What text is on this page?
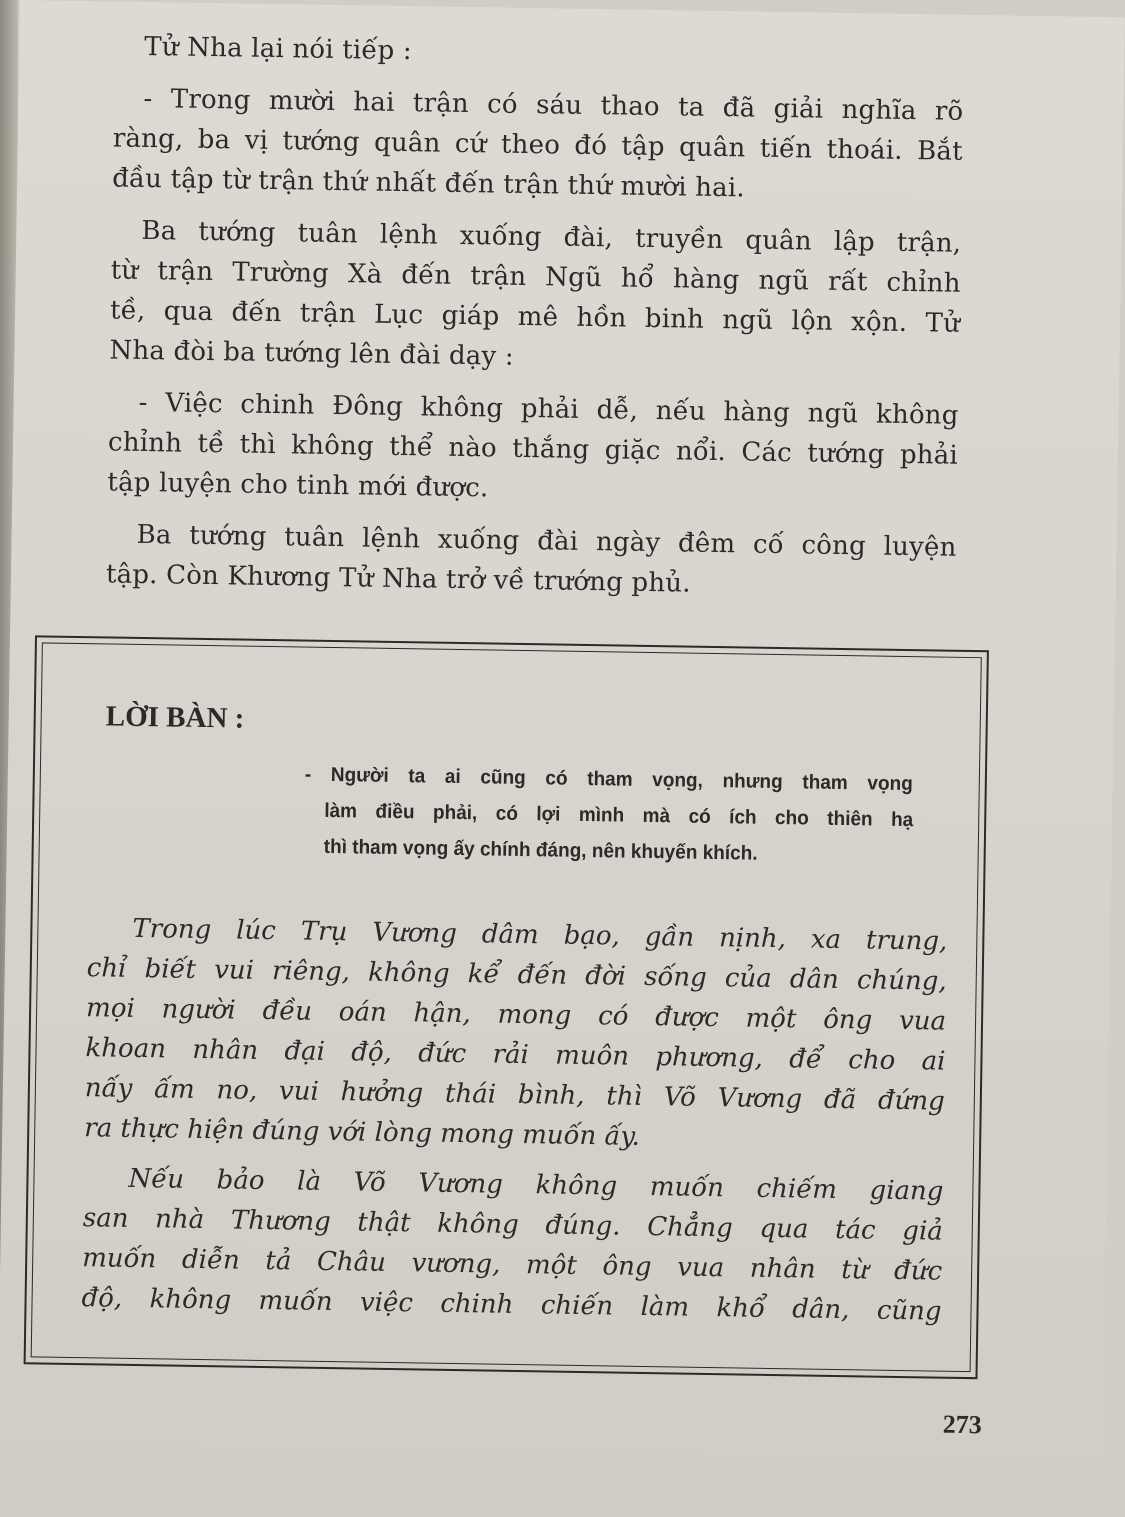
Tử Nha lại nói tiếp :
- Trong mười hai trận có sáu thao ta đã giải nghĩa rõ
ràng, ba vị tướng quân cứ theo đó tập quân tiến thoái. Bắt
đầu tập từ trận thứ nhất đến trận thứ mười hai.
Ba tướng tuân lệnh xuống đài, truyền quân lập trận,
từ trận Trường Xà đến trận Ngũ hổ hàng ngũ rất chỉnh
tề, qua đến trận Lục giáp mê hồn binh ngũ lộn xộn. Tử
Nha đòi ba tướng lên đài dạy :
- Việc chinh Đông không phải dễ, nếu hàng ngũ không
chỉnh tề thì không thể nào thắng giặc nổi. Các tướng phải
tập luyện cho tinh mới được.
Ba tướng tuân lệnh xuống đài ngày đêm cố công luyện
tập. Còn Khương Tử Nha trở về trướng phủ.
LỜI BÀN :
- Người ta ai cũng có tham vọng, nhưng tham vọng
làm điều phải, có lợi mình mà có ích cho thiên hạ
thì tham vọng ấy chính đáng, nên khuyến khích.
Trong lúc Trụ Vương dâm bạo, gần nịnh, xa trung,
chỉ biết vui riêng, không kể đến đời sống của dân chúng,
mọi người đều oán hận, mong có được một ông vua
khoan nhân đại độ, đức rải muôn phương, để cho ai
nấy ấm no, vui hưởng thái bình, thì Võ Vương đã đứng
ra thực hiện đúng với lòng mong muốn ấy.
Nếu bảo là Võ Vương không muốn chiếm giang
san nhà Thương thật không đúng. Chẳng qua tác giả
muốn diễn tả Châu vương, một ông vua nhân từ đức
độ, không muốn việc chinh chiến làm khổ dân, cũng
273
